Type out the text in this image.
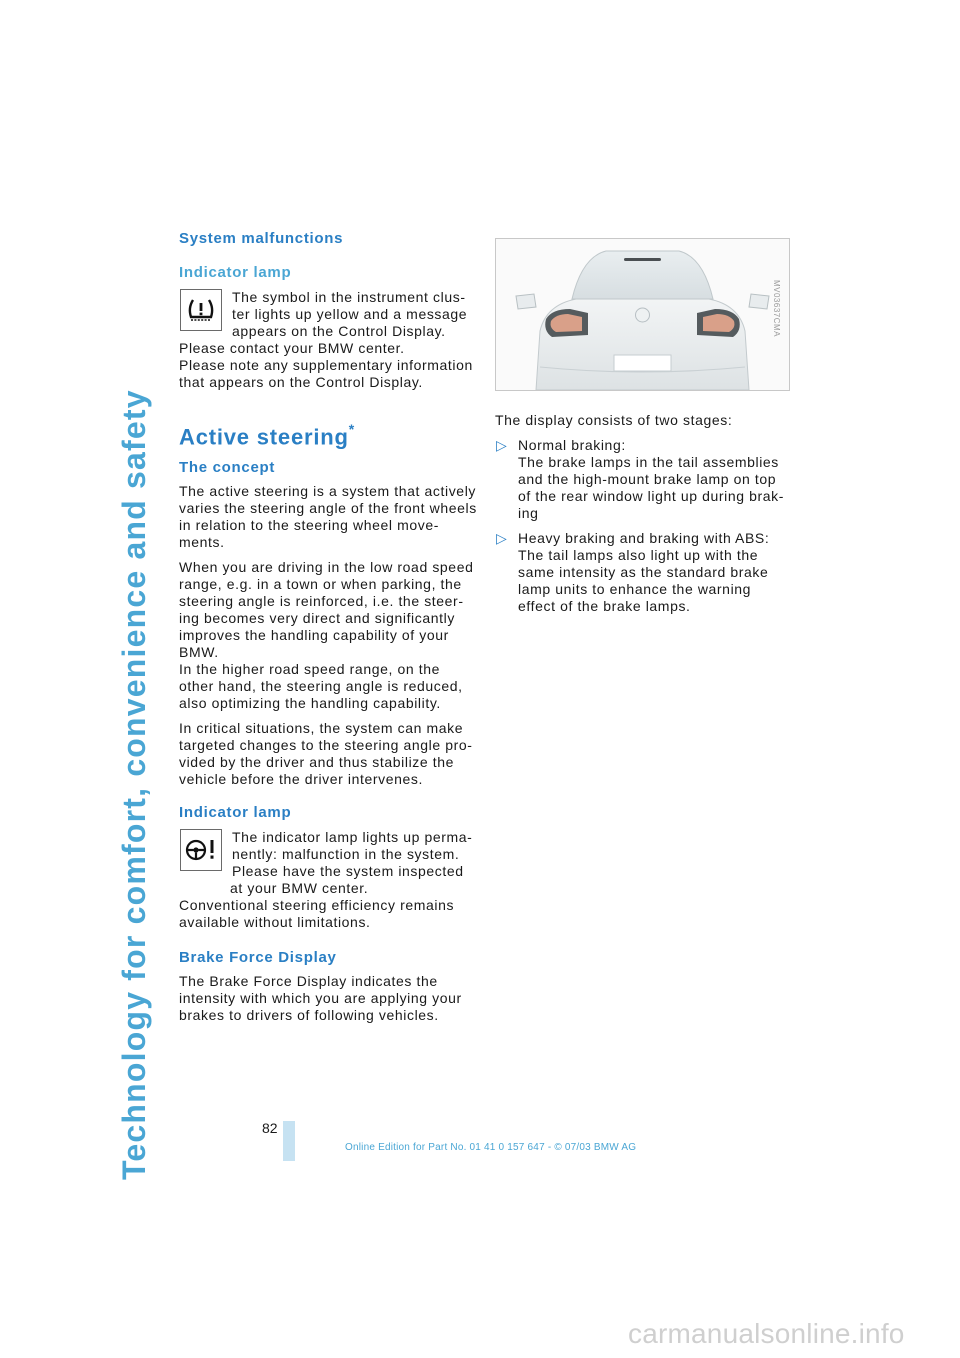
Technology for comfort, convenience and safety
System malfunctions
Indicator lamp

The symbol in the instrument clus-ter lights up yellow and a message appears on the Control Display.

Please contact your BMW center.

Please note any supplementary information that appears on the Control Display.

Active steering*
The concept

The active steering is a system that actively varies the steering angle of the front wheels in relation to the steering wheel move-ments.

When you are driving in the low road speed range, e.g. in a town or when parking, the steering angle is reinforced, i.e. the steer-ing becomes very direct and significantly improves the handling capability of your BMW.

In the higher road speed range, on the other hand, the steering angle is reduced, also optimizing the handling capability.

In critical situations, the system can make targeted changes to the steering angle pro-vided by the driver and thus stabilize the vehicle before the driver intervenes.

Indicator lamp

The indicator lamp lights up perma-nently: malfunction in the system. Please have the system inspected at your BMW center.

Conventional steering efficiency remains available without limitations.

Brake Force Display

The Brake Force Display indicates the intensity with which you are applying your brakes to drivers of following vehicles.

MV03637CMA

The display consists of two stages:

▷ Normal braking:
The brake lamps in the tail assemblies and the high-mount brake lamp on top of the rear window light up during brak-ing
▷ Heavy braking and braking with ABS:
The tail lamps also light up with the same intensity as the standard brake lamp units to enhance the warning effect of the brake lamps.
82
Online Edition for Part No. 01 41 0 157 647 - © 07/03 BMW AG
carmanualsonline.info
